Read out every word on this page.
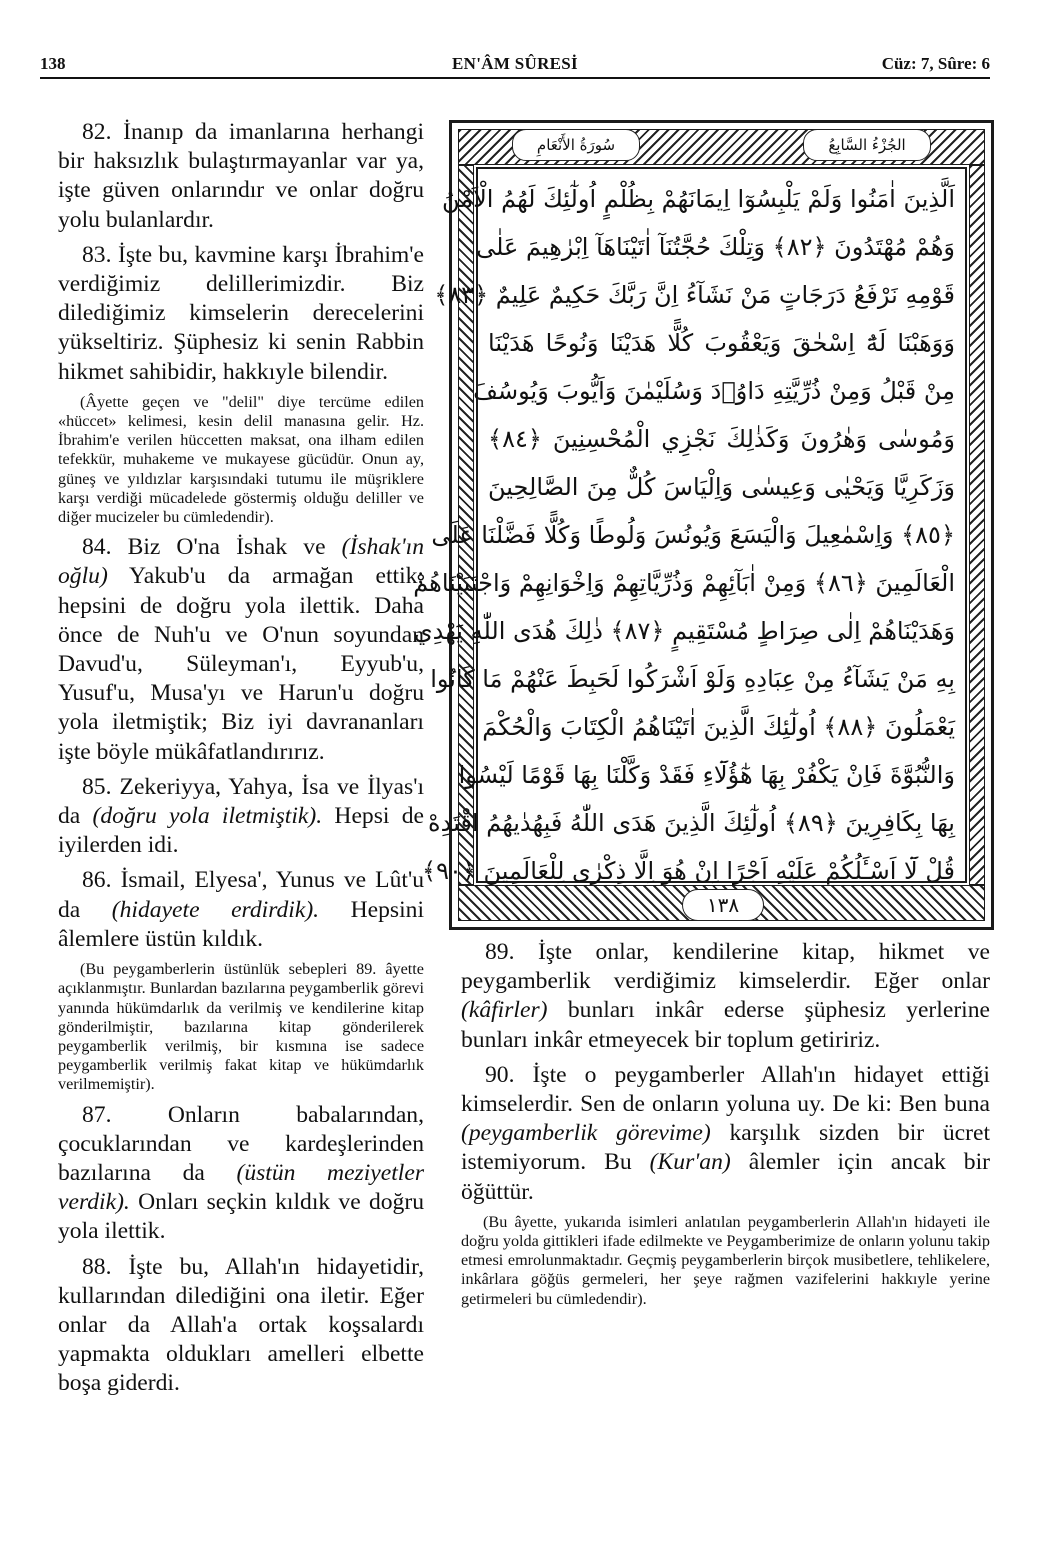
138	EN'ÂM SÛRESİ	Cüz: 7, Sûre: 6

82. İnanıp da imanlarına herhangi bir haksızlık bulaştırmayanlar var ya, işte güven onlarındır ve onlar doğru yolu bulanlardır.

83. İşte bu, kavmine karşı İbrahim'e verdiğimiz delillerimizdir. Biz dilediğimiz kimselerin derecelerini yükseltiriz. Şüphesiz ki senin Rabbin hikmet sahibidir, hakkıyle bilendir.

(Âyette geçen ve "delil" diye tercüme edilen «hüccet» kelimesi, kesin delil manasına gelir. Hz. İbrahim'e verilen hüccetten maksat, ona ilham edilen tefekkür, muhakeme ve mukayese gücüdür. Onun ay, güneş ve yıldızlar karşısındaki tutumu ile müşriklere karşı verdiği mücadelede göstermiş olduğu deliller ve diğer mucizeler bu cümledendir).

84. Biz O'na İshak ve (İshak'ın oğlu) Yakub'u da armağan ettik; hepsini de doğru yola ilettik. Daha önce de Nuh'u ve O'nun soyundan Davud'u, Süleyman'ı, Eyyub'u, Yusuf'u, Musa'yı ve Harun'u doğru yola iletmiştik; Biz iyi davrananları işte böyle mükâfatlandırırız.

85. Zekeriyya, Yahya, İsa ve İlyas'ı da (doğru yola iletmiştik). Hepsi de iyilerden idi.

86. İsmail, Elyesa', Yunus ve Lût'u da (hidayete erdirdik). Hepsini âlemlere üstün kıldık.

(Bu peygamberlerin üstünlük sebepleri 89. âyette açıklanmıştır. Bunlardan bazılarına peygamberlik görevi yanında hükümdarlık da verilmiş ve kendilerine kitap gönderilmiştir, bazılarına kitap gönderilerek peygamberlik verilmiş, bir kısmına ise sadece peygamberlik verilmiş fakat kitap ve hükümdarlık verilmemiştir).

87. Onların babalarından, çocuklarından ve kardeşlerinden bazılarına da (üstün meziyetler verdik). Onları seçkin kıldık ve doğru yola ilettik.

88. İşte bu, Allah'ın hidayetidir, kullarından dilediğini ona iletir. Eğer onlar da Allah'a ortak koşsalardı yapmakta oldukları amelleri elbette boşa giderdi.

الجُزْءُ السَّابِعُ
سُورَةُ الأَنْعَامِ
١٣٨
اَلَّذِينَ اٰمَنُوا وَلَمْ يَلْبِسُوٓا اِيمَانَهُمْ بِظُلْمٍ اُولٰٓئِكَ لَهُمُ الْاَمْنُ
وَهُمْ مُهْتَدُونَ ﴿٨٢﴾ وَتِلْكَ حُجَّتُنَآ اٰتَيْنَاهَآ اِبْرٰهِيمَ عَلٰى
قَوْمِهِ نَرْفَعُ دَرَجَاتٍ مَنْ نَشَآءُ اِنَّ رَبَّكَ حَكِيمٌ عَلِيمٌ ﴿٨٣﴾
وَوَهَبْنَا لَهُٓ اِسْحٰقَ وَيَعْقُوبَ كُلًّا هَدَيْنَا وَنُوحًا هَدَيْنَا
مِنْ قَبْلُ وَمِنْ ذُرِّيَّتِهِ دَاوُ۫دَ وَسُلَيْمٰنَ وَاَيُّوبَ وَيُوسُفَ
وَمُوسٰى وَهٰرُونَ وَكَذٰلِكَ نَجْزِي الْمُحْسِنِينَ ﴿٨٤﴾
وَزَكَرِيَّا وَيَحْيٰى وَعِيسٰى وَاِلْيَاسَ كُلٌّ مِنَ الصَّالِحِينَ
﴿٨٥﴾ وَاِسْمٰعِيلَ وَالْيَسَعَ وَيُونُسَ وَلُوطًا وَكُلًّا فَضَّلْنَا عَلَى
الْعَالَمِينَ ﴿٨٦﴾ وَمِنْ اٰبَآئِهِمْ وَذُرِّيَّاتِهِمْ وَاِخْوَانِهِمْ وَاجْتَبَيْنَاهُمْ
وَهَدَيْنَاهُمْ اِلٰى صِرَاطٍ مُسْتَقِيمٍ ﴿٨٧﴾ ذٰلِكَ هُدَى اللّٰهِ يَهْدِي
بِهِ مَنْ يَشَآءُ مِنْ عِبَادِهِ وَلَوْ اَشْرَكُوا لَحَبِطَ عَنْهُمْ مَا كَانُوا
يَعْمَلُونَ ﴿٨٨﴾ اُولٰٓئِكَ الَّذِينَ اٰتَيْنَاهُمُ الْكِتَابَ وَالْحُكْمَ
وَالنُّبُوَّةَ فَاِنْ يَكْفُرْ بِهَا هٰٓؤُلَٓاءِ فَقَدْ وَكَّلْنَا بِهَا قَوْمًا لَيْسُوا
بِهَا بِكَافِرِينَ ﴿٨٩﴾ اُولٰٓئِكَ الَّذِينَ هَدَى اللّٰهُ فَبِهُدٰيهُمُ اقْتَدِهْ
قُلْ لَٓا اَسْـَٔلُكُمْ عَلَيْهِ اَجْرًا اِنْ هُوَ اِلَّا ذِكْرٰى لِلْعَالَمِينَ ﴿٩٠﴾

89. İşte onlar, kendilerine kitap, hikmet ve peygamberlik verdiğimiz kimselerdir. Eğer onlar (kâfirler) bunları inkâr ederse şüphesiz yerlerine bunları inkâr etmeyecek bir toplum getiririz.

90. İşte o peygamberler Allah'ın hidayet ettiği kimselerdir. Sen de onların yoluna uy. De ki: Ben buna (peygamberlik görevime) karşılık sizden bir ücret istemiyorum. Bu (Kur'an) âlemler için ancak bir öğüttür.

(Bu âyette, yukarıda isimleri anlatılan peygamberlerin Allah'ın hidayeti ile doğru yolda gittikleri ifade edilmekte ve Peygamberimize de onların yolunu takip etmesi emrolunmaktadır. Geçmiş peygamberlerin birçok musibetlere, tehlikelere, inkârlara göğüs germeleri, her şeye rağmen vazifelerini hakkıyle yerine getirmeleri bu cümledendir).
